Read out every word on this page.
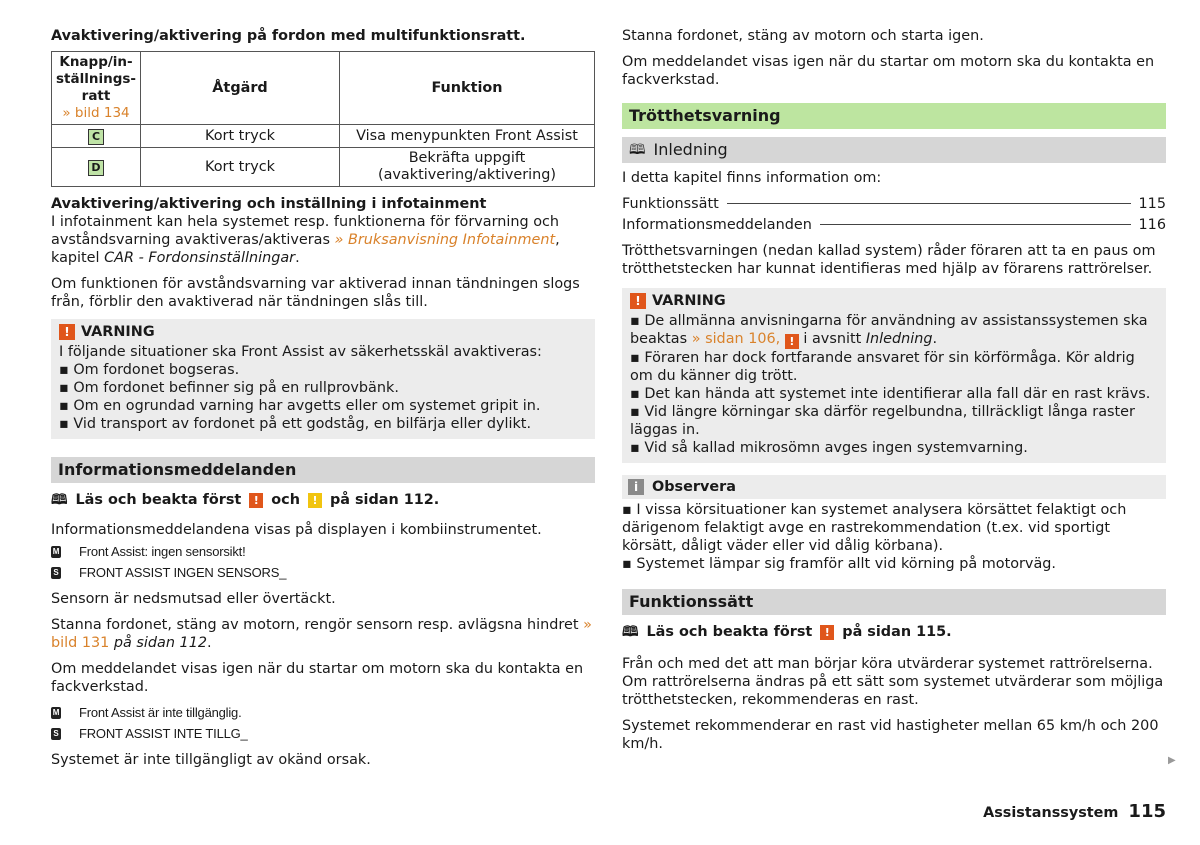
Avaktivering/aktivering på fordon med multifunktionsratt.

Knapp/in-ställnings-ratt
» bild 134	Åtgärd	Funktion
C	Kort tryck	Visa menypunkten Front Assist
D	Kort tryck	Bekräfta uppgift (avaktivering/aktivering)

Avaktivering/aktivering och inställning i infotainment

I infotainment kan hela systemet resp. funktionerna för förvarning och avståndsvarning avaktiveras/aktiveras » Bruksanvisning Infotainment, kapitel CAR - Fordonsinställningar.

Om funktionen för avståndsvarning var aktiverad innan tändningen slogs från, förblir den avaktiverad när tändningen slås till.

! VARNING

I följande situationer ska Front Assist av säkerhetsskäl avaktiveras:

▪ Om fordonet bogseras.

▪ Om fordonet befinner sig på en rullprovbänk.

▪ Om en ogrundad varning har avgetts eller om systemet gripit in.

▪ Vid transport av fordonet på ett godståg, en bilfärja eller dylikt.

Informationsmeddelanden
🕮 Läs och beakta först	! och	! på sidan 112.

Informationsmeddelandena visas på displayen i kombiinstrumentet.

M Front Assist: ingen sensorsikt!
S FRONT ASSIST INGEN SENSORS_

Sensorn är nedsmutsad eller övertäckt.

Stanna fordonet, stäng av motorn, rengör sensorn resp. avlägsna hindret » bild 131 på sidan 112.

Om meddelandet visas igen när du startar om motorn ska du kontakta en fackverkstad.

M Front Assist är inte tillgänglig.
S FRONT ASSIST INTE TILLG_

Systemet är inte tillgängligt av okänd orsak.

Stanna fordonet, stäng av motorn och starta igen.

Om meddelandet visas igen när du startar om motorn ska du kontakta en fackverkstad.

Trötthetsvarning
🕮 Inledning

I detta kapitel finns information om:

Funktionssätt	115
Informationsmeddelanden	116

Trötthetsvarningen (nedan kallad system) råder föraren att ta en paus om trötthetstecken har kunnat identifieras med hjälp av förarens rattrörelser.

! VARNING

▪ De allmänna anvisningarna för användning av assistanssystemen ska beaktas » sidan 106, ! i avsnitt Inledning.

▪ Föraren har dock fortfarande ansvaret för sin körförmåga. Kör aldrig om du känner dig trött.

▪ Det kan hända att systemet inte identifierar alla fall där en rast krävs.

▪ Vid längre körningar ska därför regelbundna, tillräckligt långa raster läggas in.

▪ Vid så kallad mikrosömn avges ingen systemvarning.

i Observera

▪ I vissa körsituationer kan systemet analysera körsättet felaktigt och därigenom felaktigt avge en rastrekommendation (t.ex. vid sportigt körsätt, dåligt väder eller vid dålig körbana).

▪ Systemet lämpar sig framför allt vid körning på motorväg.

Funktionssätt
🕮 Läs och beakta först	! på sidan 115.

Från och med det att man börjar köra utvärderar systemet rattrörelserna. Om rattrörelserna ändras på ett sätt som systemet utvärderar som möjliga trötthetstecken, rekommenderas en rast.

Systemet rekommenderar en rast vid hastigheter mellan 65 km/h och 200 km/h.

▶
Assistanssystem 115
